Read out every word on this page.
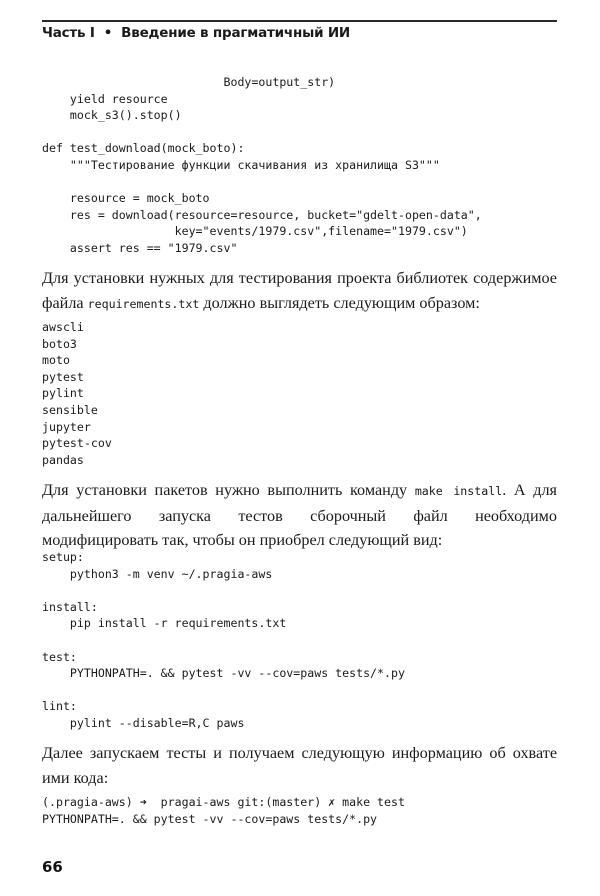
Часть I • Введение в прагматичный ИИ
Body=output_str)
yield resource
mock_s3().stop()
def test_download(mock_boto):
"""Тестирование функции скачивания из хранилища S3"""
resource = mock_boto
res = download(resource=resource, bucket="gdelt-open-data",
key="events/1979.csv",filename="1979.csv")
assert res == "1979.csv"

Для установки нужных для тестирования проекта библиотек содержимое файла requirements.txt должно выглядеть следующим образом:

awscli
boto3
moto
pytest
pylint
sensible
jupyter
pytest-cov
pandas

Для установки пакетов нужно выполнить команду make install. А для дальнейшего запуска тестов сборочный файл необходимо модифицировать так, чтобы он приобрел следующий вид:

setup:
python3 -m venv ~/.pragia-aws
install:
pip install -r requirements.txt
test:
PYTHONPATH=. && pytest -vv --cov=paws tests/*.py
lint:
pylint --disable=R,C paws

Далее запускаем тесты и получаем следующую информацию об охвате ими кода:

(.pragia-aws) ➜  pragai-aws git:(master) ✗ make test
PYTHONPATH=. && pytest -vv --cov=paws tests/*.py
66
